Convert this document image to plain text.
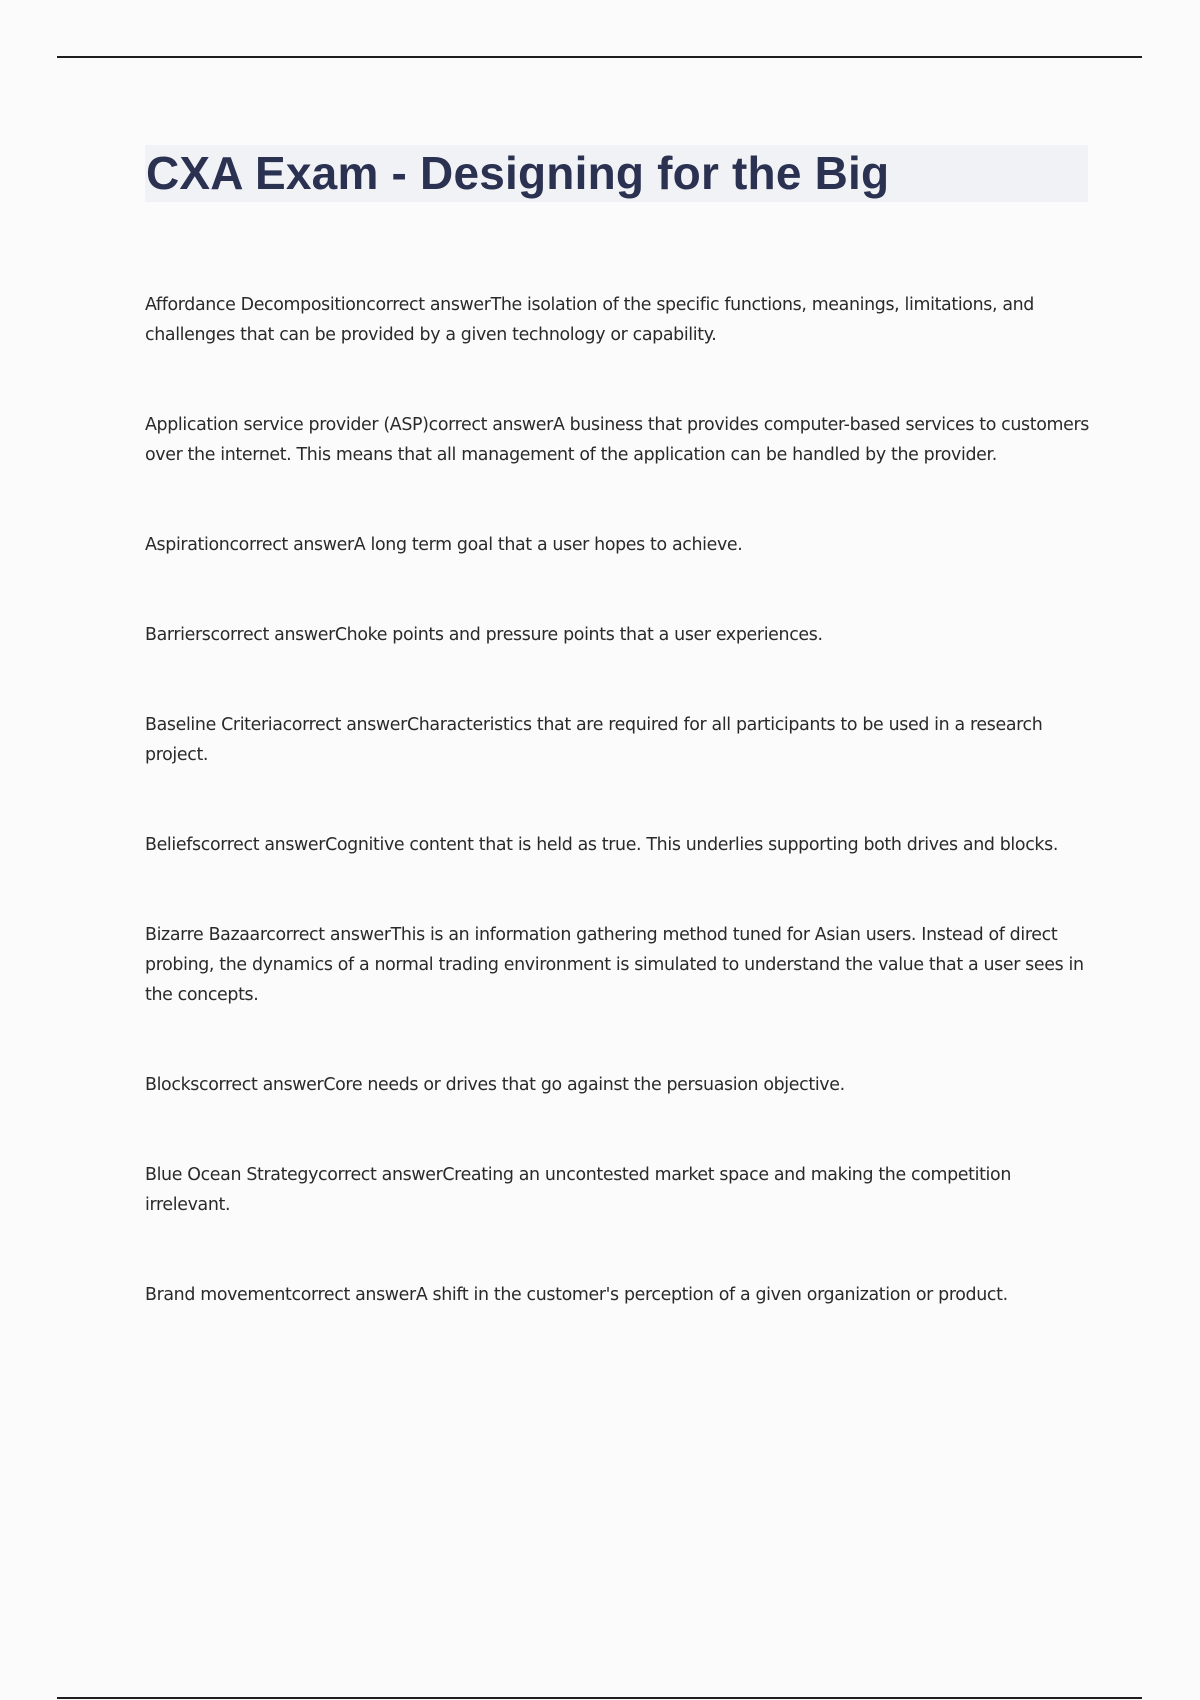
CXA Exam - Designing for the Big
Affordance Decompositioncorrect answerThe isolation of the specific functions, meanings, limitations, and challenges that can be provided by a given technology or capability.
Application service provider (ASP)correct answerA business that provides computer-based services to customers over the internet. This means that all management of the application can be handled by the provider.
Aspirationcorrect answerA long term goal that a user hopes to achieve.
Barrierscorrect answerChoke points and pressure points that a user experiences.
Baseline Criteriacorrect answerCharacteristics that are required for all participants to be used in a research project.
Beliefscorrect answerCognitive content that is held as true. This underlies supporting both drives and blocks.
Bizarre Bazaarcorrect answerThis is an information gathering method tuned for Asian users. Instead of direct probing, the dynamics of a normal trading environment is simulated to understand the value that a user sees in the concepts.
Blockscorrect answerCore needs or drives that go against the persuasion objective.
Blue Ocean Strategycorrect answerCreating an uncontested market space and making the competition irrelevant.
Brand movementcorrect answerA shift in the customer's perception of a given organization or product.
